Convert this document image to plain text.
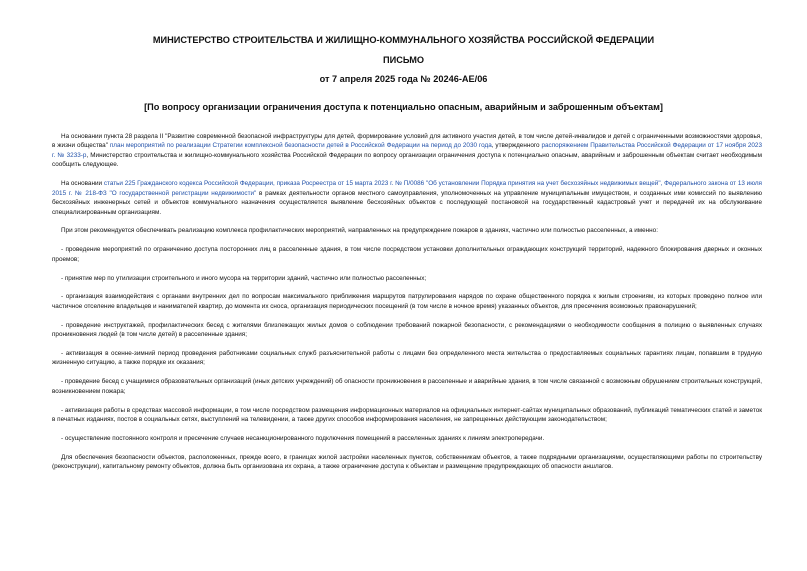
МИНИСТЕРСТВО СТРОИТЕЛЬСТВА И ЖИЛИЩНО-КОММУНАЛЬНОГО ХОЗЯЙСТВА РОССИЙСКОЙ ФЕДЕРАЦИИ
ПИСЬМО
от 7 апреля 2025 года № 20246-АЕ/06
[По вопросу организации ограничения доступа к потенциально опасным, аварийным и заброшенным объектам]

На основании пункта 28 раздела II "Развитие современной безопасной инфраструктуры для детей, формирование условий для активного участия детей, в том числе детей-инвалидов и детей с ограниченными возможностями здоровья, в жизни общества" план мероприятий по реализации Стратегии комплексной безопасности детей в Российской Федерации на период до 2030 года, утвержденного распоряжением Правительства Российской Федерации от 17 ноября 2023 г. № 3233-р, Министерство строительства и жилищно-коммунального хозяйства Российской Федерации по вопросу организации ограничения доступа к потенциально опасным, аварийным и заброшенным объектам считает необходимым сообщить следующее.

На основании статьи 225 Гражданского кодекса Российской Федерации, приказа Росреестра от 15 марта 2023 г. № П/0086 "Об установлении Порядка принятия на учет бесхозяйных недвижимых вещей", Федерального закона от 13 июля 2015 г. № 218-ФЗ "О государственной регистрации недвижимости" в рамках деятельности органов местного самоуправления, уполномоченных на управление муниципальным имуществом, и созданных ими комиссий по выявлению бесхозяйных инженерных сетей и объектов коммунального назначения осуществляется выявление бесхозяйных объектов с последующей постановкой на государственный кадастровый учет и передачей их на обслуживание специализированным организациям.

При этом рекомендуется обеспечивать реализацию комплекса профилактических мероприятий, направленных на предупреждение пожаров в зданиях, частично или полностью расселенных, а именно:

- проведение мероприятий по ограничению доступа посторонних лиц в расселенные здания, в том числе посредством установки дополнительных ограждающих конструкций территорий, надежного блокирования дверных и оконных проемов;

- принятие мер по утилизации строительного и иного мусора на территории зданий, частично или полностью расселенных;

- организация взаимодействия с органами внутренних дел по вопросам максимального приближения маршрутов патрулирования нарядов по охране общественного порядка к жилым строениям, из которых проведено полное или частичное отселение владельцев и нанимателей квартир, до момента их сноса, организация периодических посещений (в том числе в ночное время) указанных объектов, для пресечения возможных правонарушений;

- проведение инструктажей, профилактических бесед с жителями близлежащих жилых домов о соблюдении требований пожарной безопасности, с рекомендациями о необходимости сообщения в полицию о выявленных случаях проникновения людей (в том числе детей) в расселенные здания;

- активизация в осенне-зимний период проведения работниками социальных служб разъяснительной работы с лицами без определенного места жительства о предоставляемых социальных гарантиях лицам, попавшим в трудную жизненную ситуацию, а также порядке их оказания;

- проведение бесед с учащимися образовательных организаций (иных детских учреждений) об опасности проникновения в расселенные и аварийные здания, в том числе связанной с возможным обрушением строительных конструкций, возникновением пожара;

- активизация работы в средствах массовой информации, в том числе посредством размещения информационных материалов на официальных интернет-сайтах муниципальных образований, публикаций тематических статей и заметок в печатных изданиях, постов в социальных сетях, выступлений на телевидении, а также других способов информирования населения, не запрещенных действующим законодательством;

- осуществление постоянного контроля и пресечение случаев несанкционированного подключения помещений в расселенных зданиях к линиям электропередачи.

Для обеспечения безопасности объектов, расположенных, прежде всего, в границах жилой застройки населенных пунктов, собственникам объектов, а также подрядными организациями, осуществляющими работы по строительству (реконструкции), капитальному ремонту объектов, должна быть организована их охрана, а также ограничение доступа к объектам и размещение предупреждающих об опасности аншлагов.
